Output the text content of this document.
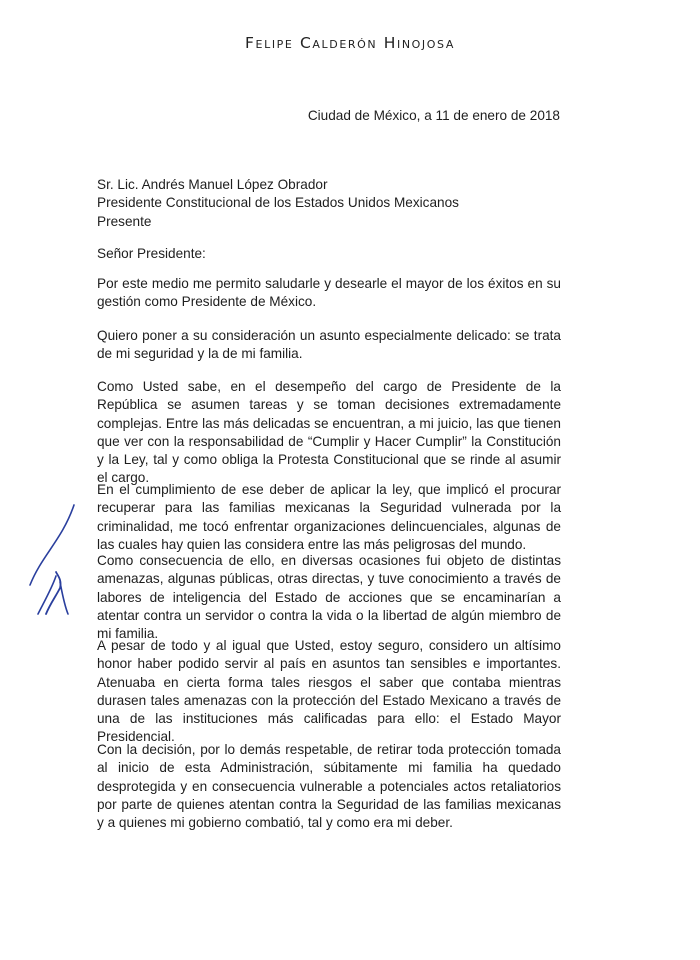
Felipe Calderón Hinojosa
Ciudad de México, a 11 de enero de 2018
Sr. Lic. Andrés Manuel López Obrador
Presidente Constitucional de los Estados Unidos Mexicanos
Presente
Señor Presidente:

Por este medio me permito saludarle y desearle el mayor de los éxitos en su gestión como Presidente de México.

Quiero poner a su consideración un asunto especialmente delicado: se trata de mi seguridad y la de mi familia.

Como Usted sabe, en el desempeño del cargo de Presidente de la República se asumen tareas y se toman decisiones extremadamente complejas. Entre las más delicadas se encuentran, a mi juicio, las que tienen que ver con la responsabilidad de “Cumplir y Hacer Cumplir” la Constitución y la Ley, tal y como obliga la Protesta Constitucional que se rinde al asumir el cargo.

En el cumplimiento de ese deber de aplicar la ley, que implicó el procurar recuperar para las familias mexicanas la Seguridad vulnerada por la criminalidad, me tocó enfrentar organizaciones delincuenciales, algunas de las cuales hay quien las considera entre las más peligrosas del mundo.

Como consecuencia de ello, en diversas ocasiones fui objeto de distintas amenazas, algunas públicas, otras directas, y tuve conocimiento a través de labores de inteligencia del Estado de acciones que se encaminarían a atentar contra un servidor o contra la vida o la libertad de algún miembro de mi familia.

A pesar de todo y al igual que Usted, estoy seguro, considero un altísimo honor haber podido servir al país en asuntos tan sensibles e importantes. Atenuaba en cierta forma tales riesgos el saber que contaba mientras durasen tales amenazas con la protección del Estado Mexicano a través de una de las instituciones más calificadas para ello: el Estado Mayor Presidencial.

Con la decisión, por lo demás respetable, de retirar toda protección tomada al inicio de esta Administración, súbitamente mi familia ha quedado desprotegida y en consecuencia vulnerable a potenciales actos retaliatorios por parte de quienes atentan contra la Seguridad de las familias mexicanas y a quienes mi gobierno combatió, tal y como era mi deber.
